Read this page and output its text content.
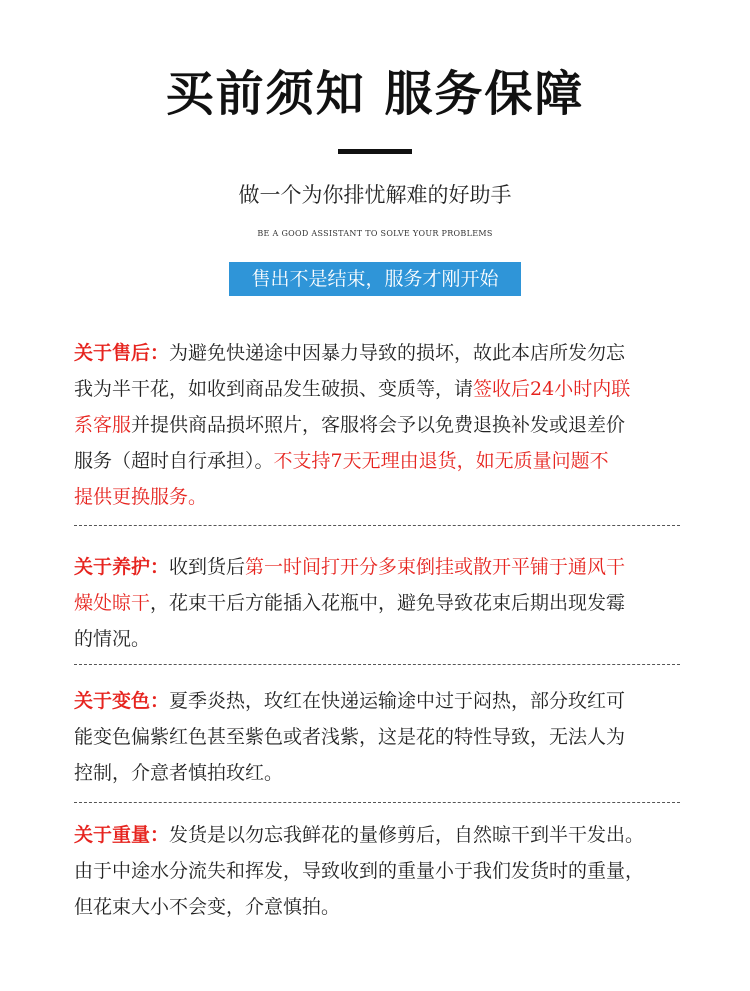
买前须知 服务保障
做一个为你排忧解难的好助手
BE A GOOD ASSISTANT TO SOLVE YOUR PROBLEMS
售出不是结束，服务才刚开始
关于售后：为避免快递途中因暴力导致的损坏，故此本店所发勿忘
我为半干花，如收到商品发生破损、变质等，请签收后24小时内联
系客服并提供商品损坏照片，客服将会予以免费退换补发或退差价
服务（超时自行承担）。不支持7天无理由退货，如无质量问题不
提供更换服务。
关于养护：收到货后第一时间打开分多束倒挂或散开平铺于通风干
燥处晾干，花束干后方能插入花瓶中，避免导致花束后期出现发霉
的情况。
关于变色：夏季炎热，玫红在快递运输途中过于闷热，部分玫红可
能变色偏紫红色甚至紫色或者浅紫，这是花的特性导致，无法人为
控制，介意者慎拍玫红。
关于重量：发货是以勿忘我鲜花的量修剪后，自然晾干到半干发出。
由于中途水分流失和挥发，导致收到的重量小于我们发货时的重量，
但花束大小不会变，介意慎拍。
